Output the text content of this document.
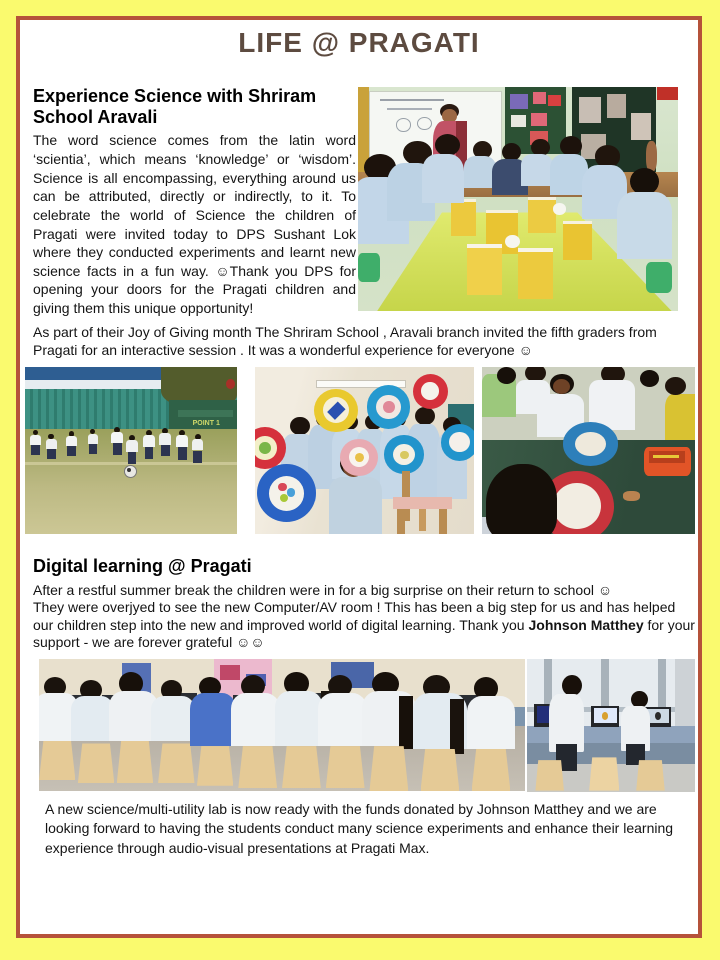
LIFE @ PRAGATI
Experience Science with Shriram School Aravali
The word science comes from the latin word ‘scientia’, which means ‘knowledge’ or ‘wisdom’. Science is all encompassing, everything around us can be attributed, directly or indirectly, to it. To celebrate the world of Science the children of Pragati were invited today to DPS Sushant Lok where they conducted experiments and learnt new science facts in a fun way. ☺Thank you DPS for opening your doors for the Pragati children and giving them this unique opportunity!
As part of their Joy of Giving month The Shriram School , Aravali branch invited the fifth graders from Pragati for an interactive session . It was a wonderful experience for everyone ☺
POINT 1
Digital learning @ Pragati
After a restful summer break the children were in for a big surprise on their return to school ☺
They were overjyed to see the new Computer/AV room ! This has been a big step for us and has helped our children step into the new and improved world of digital learning. Thank you Johnson Matthey for your support - we are forever grateful ☺☺
A new science/multi-utility lab is now ready with the funds donated by Johnson Matthey and we are looking forward to having the students conduct many science experiments and enhance their learning experience through audio-visual presentations at Pragati Max.
